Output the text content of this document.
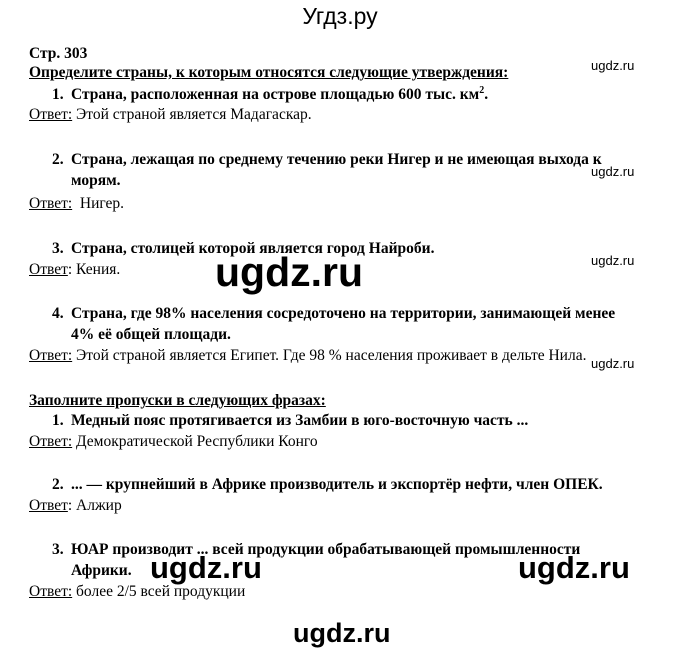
Угдз.ру
Стр. 303
Определите страны, к которым относятся следующие утверждения:
1. Страна, расположенная на острове площадью 600 тыс. $км^2$.
Ответ: Этой страной является Мадагаскар.
2. Страна, лежащая по среднему течению реки Нигер и не имеющая выхода к
морям.
Ответ:  Нигер.
3. Страна, столицей которой является город Найроби.
Ответ: Кения.
4. Страна, где 98% населения сосредоточено на территории, занимающей менее
4% её общей площади.
Ответ: Этой страной является Египет. Где 98 % населения проживает в дельте Нила.
Заполните пропуски в следующих фразах:
1. Медный пояс протягивается из Замбии в юго-восточную часть ...
Ответ: Демократической Республики Конго
2. ... — крупнейший в Африке производитель и экспортёр нефти, член ОПЕК.
Ответ: Алжир
3. ЮАР производит ... всей продукции обрабатывающей промышленности
Африки.
Ответ: более 2/5 всей продукции
ugdz.ru
ugdz.ru
ugdz.ru
ugdz.ru
ugdz.ru
ugdz.ru	ugdz.ru
ugdz.ru
